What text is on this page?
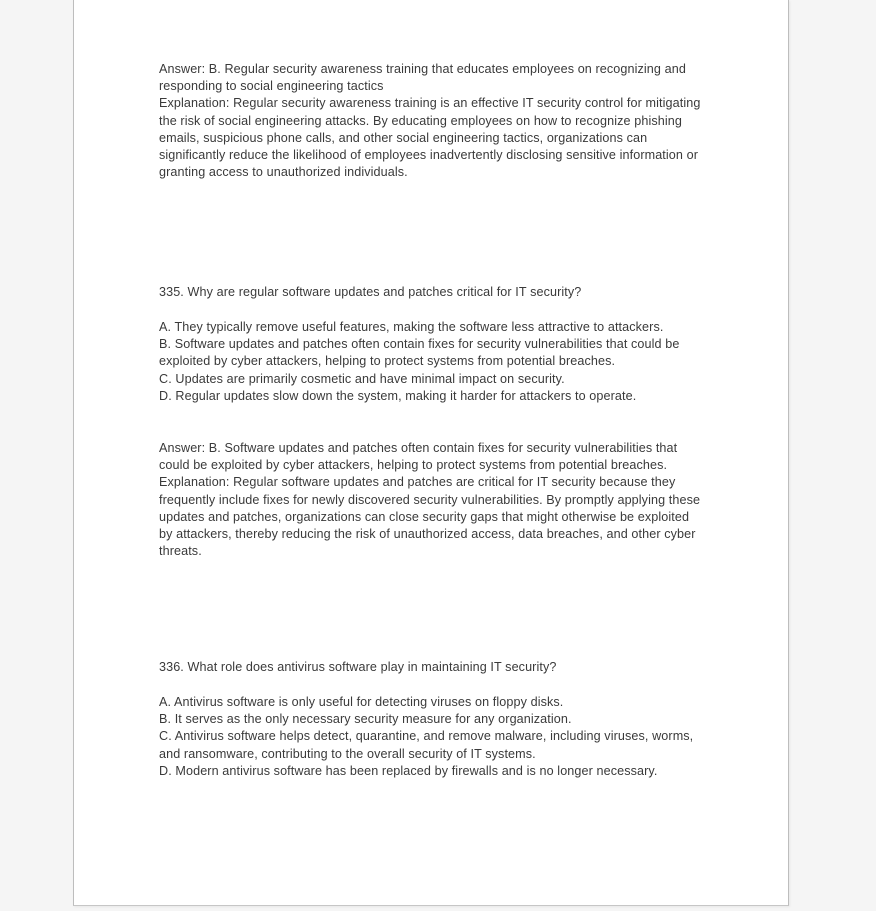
Answer: B. Regular security awareness training that educates employees on recognizing and
responding to social engineering tactics
Explanation: Regular security awareness training is an effective IT security control for mitigating
the risk of social engineering attacks. By educating employees on how to recognize phishing
emails, suspicious phone calls, and other social engineering tactics, organizations can
significantly reduce the likelihood of employees inadvertently disclosing sensitive information or
granting access to unauthorized individuals.
335. Why are regular software updates and patches critical for IT security?
A. They typically remove useful features, making the software less attractive to attackers.
B. Software updates and patches often contain fixes for security vulnerabilities that could be
exploited by cyber attackers, helping to protect systems from potential breaches.
C. Updates are primarily cosmetic and have minimal impact on security.
D. Regular updates slow down the system, making it harder for attackers to operate.
Answer: B. Software updates and patches often contain fixes for security vulnerabilities that
could be exploited by cyber attackers, helping to protect systems from potential breaches.
Explanation: Regular software updates and patches are critical for IT security because they
frequently include fixes for newly discovered security vulnerabilities. By promptly applying these
updates and patches, organizations can close security gaps that might otherwise be exploited
by attackers, thereby reducing the risk of unauthorized access, data breaches, and other cyber
threats.
336. What role does antivirus software play in maintaining IT security?
A. Antivirus software is only useful for detecting viruses on floppy disks.
B. It serves as the only necessary security measure for any organization.
C. Antivirus software helps detect, quarantine, and remove malware, including viruses, worms,
and ransomware, contributing to the overall security of IT systems.
D. Modern antivirus software has been replaced by firewalls and is no longer necessary.
